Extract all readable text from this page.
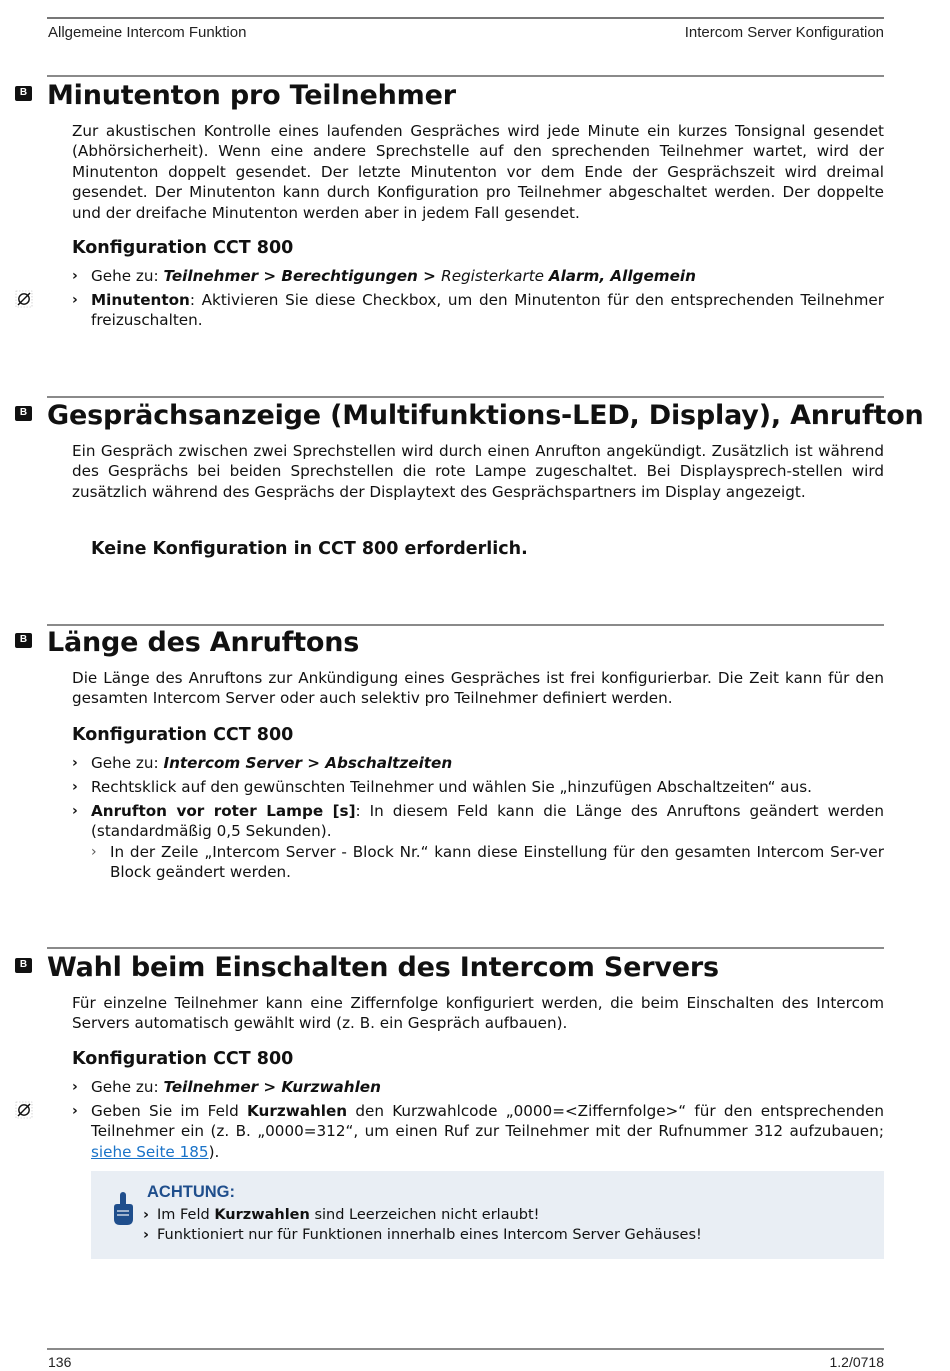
Allgemeine Intercom Funktion	Intercom Server Konfiguration
B Minutenton pro Teilnehmer
Zur akustischen Kontrolle eines laufenden Gespräches wird jede Minute ein kurzes Tonsignal gesendet (Abhörsicherheit). Wenn eine andere Sprechstelle auf den sprechenden Teilnehmer wartet, wird der Minutenton doppelt gesendet. Der letzte Minutenton vor dem Ende der Gesprächszeit wird dreimal gesendet. Der Minutenton kann durch Konfiguration pro Teilnehmer abgeschaltet werden. Der doppelte und der dreifache Minutenton werden aber in jedem Fall gesendet.
Konfiguration CCT 800
› Gehe zu: Teilnehmer > Berechtigungen > Registerkarte Alarm, Allgemein
› Minutenton: Aktivieren Sie diese Checkbox, um den Minutenton für den entsprechenden Teilnehmer freizuschalten.
B Gesprächsanzeige (Multifunktions-LED, Display), Anrufton
Ein Gespräch zwischen zwei Sprechstellen wird durch einen Anrufton angekündigt. Zusätzlich ist während des Gesprächs bei beiden Sprechstellen die rote Lampe zugeschaltet. Bei Displaysprech-stellen wird zusätzlich während des Gesprächs der Displaytext des Gesprächspartners im Display angezeigt.
Keine Konfiguration in CCT 800 erforderlich.
B Länge des Anruftons
Die Länge des Anruftons zur Ankündigung eines Gespräches ist frei konfigurierbar. Die Zeit kann für den gesamten Intercom Server oder auch selektiv pro Teilnehmer definiert werden.
Konfiguration CCT 800
› Gehe zu: Intercom Server > Abschaltzeiten
› Rechtsklick auf den gewünschten Teilnehmer und wählen Sie „hinzufügen Abschaltzeiten“ aus.
› Anrufton vor roter Lampe [s]: In diesem Feld kann die Länge des Anruftons geändert werden (standardmäßig 0,5 Sekunden).
› In der Zeile „Intercom Server - Block Nr.“ kann diese Einstellung für den gesamten Intercom Ser-ver Block geändert werden.
B Wahl beim Einschalten des Intercom Servers
Für einzelne Teilnehmer kann eine Ziffernfolge konfiguriert werden, die beim Einschalten des Intercom Servers automatisch gewählt wird (z. B. ein Gespräch aufbauen).
Konfiguration CCT 800
› Gehe zu: Teilnehmer > Kurzwahlen
› Geben Sie im Feld Kurzwahlen den Kurzwahlcode „0000=<Ziffernfolge>“ für den entsprechenden Teilnehmer ein (z. B. „0000=312“, um einen Ruf zur Teilnehmer mit der Rufnummer 312 aufzubauen; siehe Seite 185).
ACHTUNG:
› Im Feld Kurzwahlen sind Leerzeichen nicht erlaubt!
› Funktioniert nur für Funktionen innerhalb eines Intercom Server Gehäuses!
136	1.2/0718
